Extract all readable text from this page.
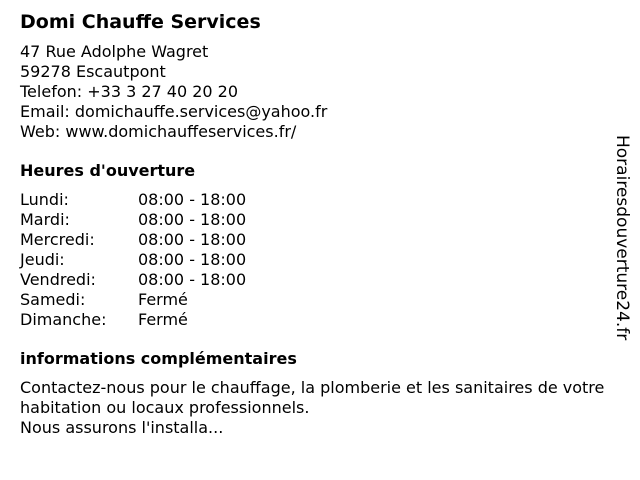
Domi Chauffe Services
47 Rue Adolphe Wagret
59278 Escautpont
Telefon: +33 3 27 40 20 20
Email: domichauffe.services@yahoo.fr
Web: www.domichauffeservices.fr/
Heures d'ouverture
Lundi:	08:00 - 18:00
Mardi:	08:00 - 18:00
Mercredi:	08:00 - 18:00
Jeudi:	08:00 - 18:00
Vendredi:	08:00 - 18:00
Samedi:	Fermé
Dimanche:	Fermé
informations complémentaires
Contactez-nous pour le chauffage, la plomberie et les sanitaires de votre habitation ou locaux professionnels.
Nous assurons l'installa...
Horairesdouverture24.fr
